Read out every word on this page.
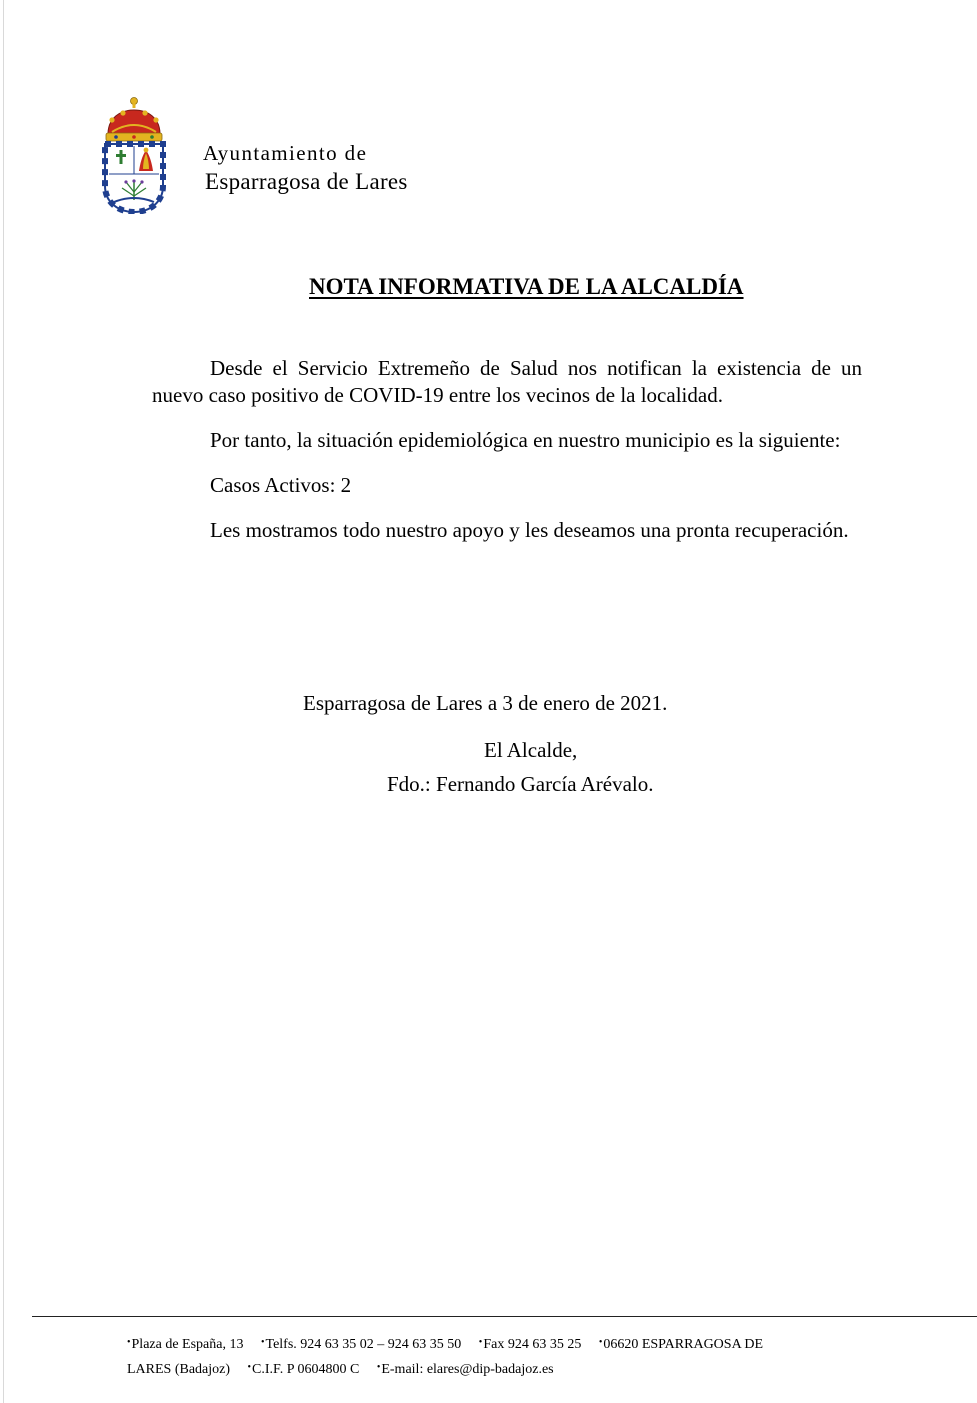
Ayuntamiento de
Esparragosa de Lares
NOTA INFORMATIVA DE LA ALCALDÍA

Desde el Servicio Extremeño de Salud nos notifican la existencia de un nuevo caso positivo de COVID-19 entre los vecinos de la localidad.

Por tanto, la situación epidemiológica en nuestro municipio es la siguiente:

Casos Activos: 2

Les mostramos todo nuestro apoyo y les deseamos una pronta recuperación.

Esparragosa de Lares a 3 de enero de 2021.
El Alcalde,
Fdo.: Fernando García Arévalo.
•Plaza de España, 13 •Telfs. 924 63 35 02 – 924 63 35 50 •Fax 924 63 35 25 •06620 ESPARRAGOSA DE
LARES (Badajoz) •C.I.F. P 0604800 C •E-mail: elares@dip-badajoz.es
